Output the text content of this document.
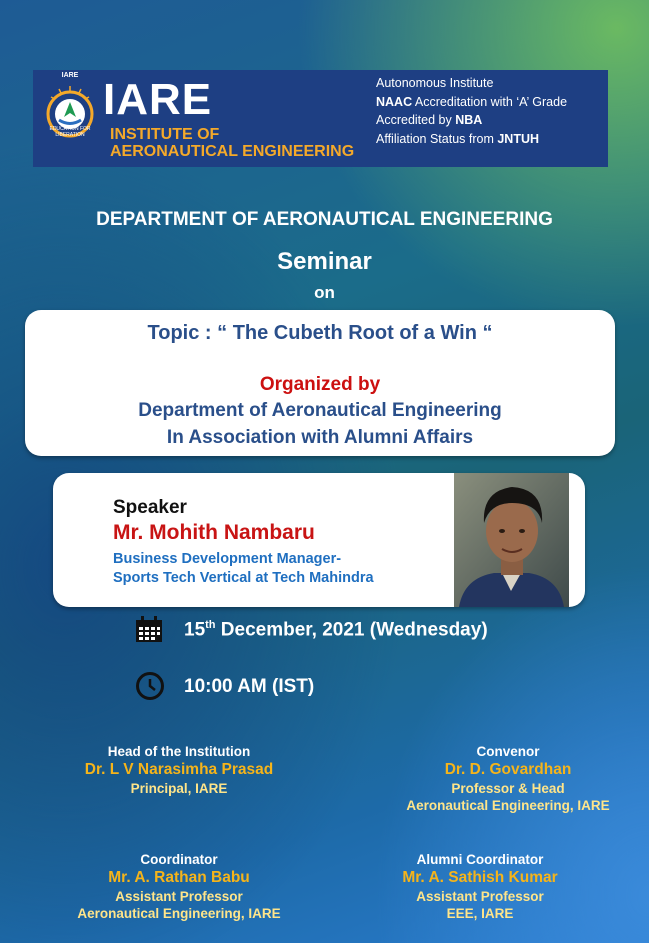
IARE
EDUCATION FOR LIBERATION
IARE
INSTITUTE OF
AERONAUTICAL ENGINEERING
Autonomous Institute
NAAC Accreditation with ‘A’ Grade
Accredited by NBA
Affiliation Status from JNTUH
DEPARTMENT OF AERONAUTICAL ENGINEERING
Seminar
on
Topic : “ The Cubeth Root of a Win “
Organized by
Department of Aeronautical Engineering
In Association with Alumni Affairs
Speaker
Mr. Mohith Nambaru
Business Development Manager-
Sports Tech Vertical at Tech Mahindra
15th December, 2021 (Wednesday)
10:00 AM (IST)
Head of the Institution
Dr. L V Narasimha Prasad
Principal, IARE
Convenor
Dr. D. Govardhan
Professor & Head
Aeronautical Engineering, IARE
Coordinator
Mr. A. Rathan Babu
Assistant Professor
Aeronautical Engineering, IARE
Alumni Coordinator
Mr. A. Sathish Kumar
Assistant Professor
EEE, IARE
